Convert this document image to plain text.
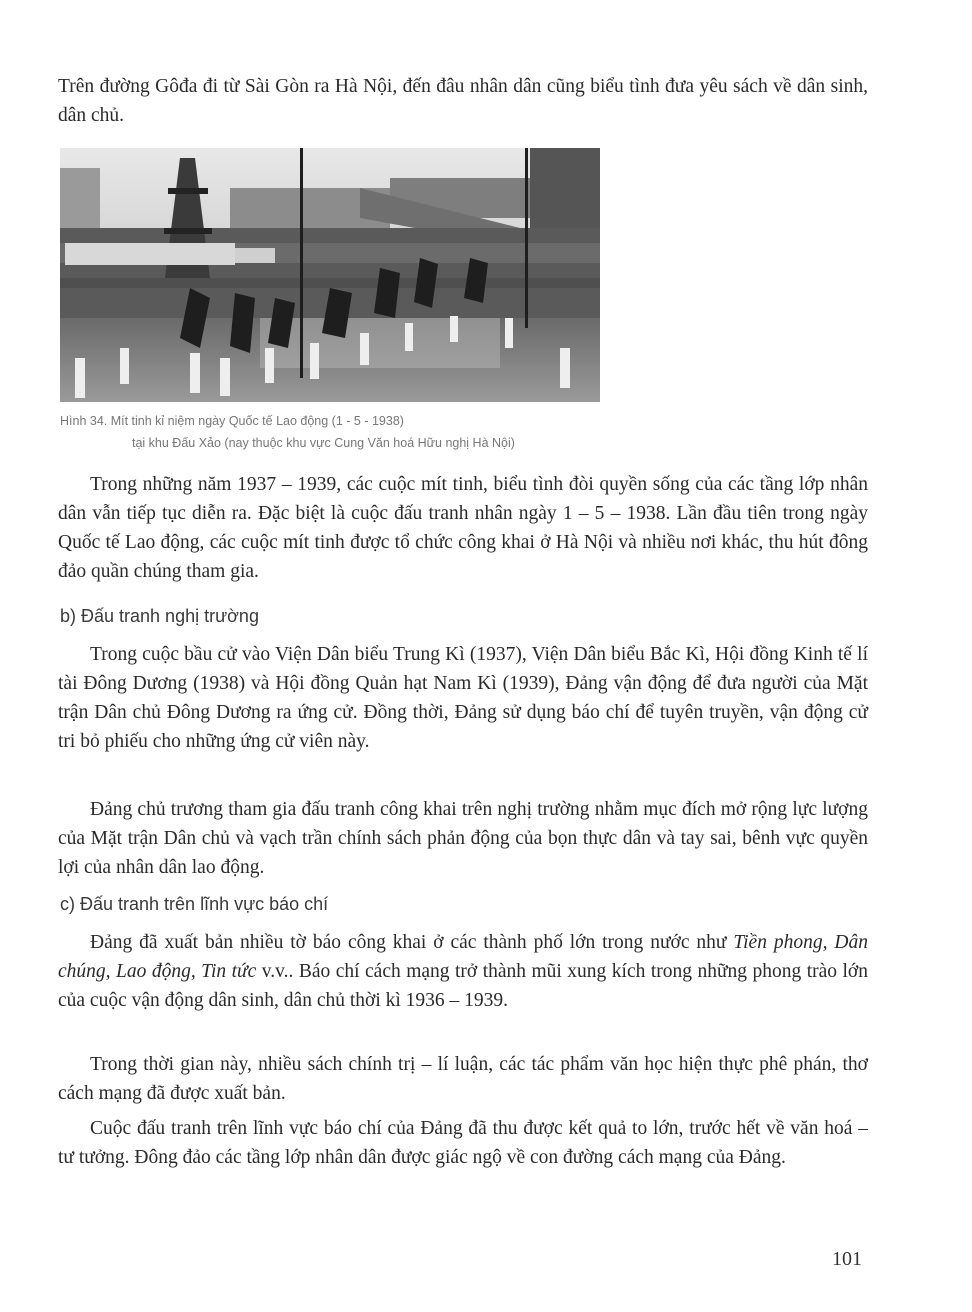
Trên đường Gôđa đi từ Sài Gòn ra Hà Nội, đến đâu nhân dân cũng biểu tình đưa yêu sách về dân sinh, dân chủ.

Hình 34. Mít tinh kỉ niệm ngày Quốc tế Lao động (1 - 5 - 1938)
tại khu Đấu Xảo (nay thuộc khu vực Cung Văn hoá Hữu nghị Hà Nội)

Trong những năm 1937 – 1939, các cuộc mít tinh, biểu tình đòi quyền sống của các tầng lớp nhân dân vẫn tiếp tục diễn ra. Đặc biệt là cuộc đấu tranh nhân ngày 1 – 5 – 1938. Lần đầu tiên trong ngày Quốc tế Lao động, các cuộc mít tinh được tổ chức công khai ở Hà Nội và nhiều nơi khác, thu hút đông đảo quần chúng tham gia.

b) Đấu tranh nghị trường

Trong cuộc bầu cử vào Viện Dân biểu Trung Kì (1937), Viện Dân biểu Bắc Kì, Hội đồng Kinh tế lí tài Đông Dương (1938) và Hội đồng Quản hạt Nam Kì (1939), Đảng vận động để đưa người của Mặt trận Dân chủ Đông Dương ra ứng cử. Đồng thời, Đảng sử dụng báo chí để tuyên truyền, vận động cử tri bỏ phiếu cho những ứng cử viên này.

Đảng chủ trương tham gia đấu tranh công khai trên nghị trường nhằm mục đích mở rộng lực lượng của Mặt trận Dân chủ và vạch trần chính sách phản động của bọn thực dân và tay sai, bênh vực quyền lợi của nhân dân lao động.

c) Đấu tranh trên lĩnh vực báo chí

Đảng đã xuất bản nhiều tờ báo công khai ở các thành phố lớn trong nước như Tiền phong, Dân chúng, Lao động, Tin tức v.v.. Báo chí cách mạng trở thành mũi xung kích trong những phong trào lớn của cuộc vận động dân sinh, dân chủ thời kì 1936 – 1939.

Trong thời gian này, nhiều sách chính trị – lí luận, các tác phẩm văn học hiện thực phê phán, thơ cách mạng đã được xuất bản.

Cuộc đấu tranh trên lĩnh vực báo chí của Đảng đã thu được kết quả to lớn, trước hết về văn hoá – tư tưởng. Đông đảo các tầng lớp nhân dân được giác ngộ về con đường cách mạng của Đảng.

101
